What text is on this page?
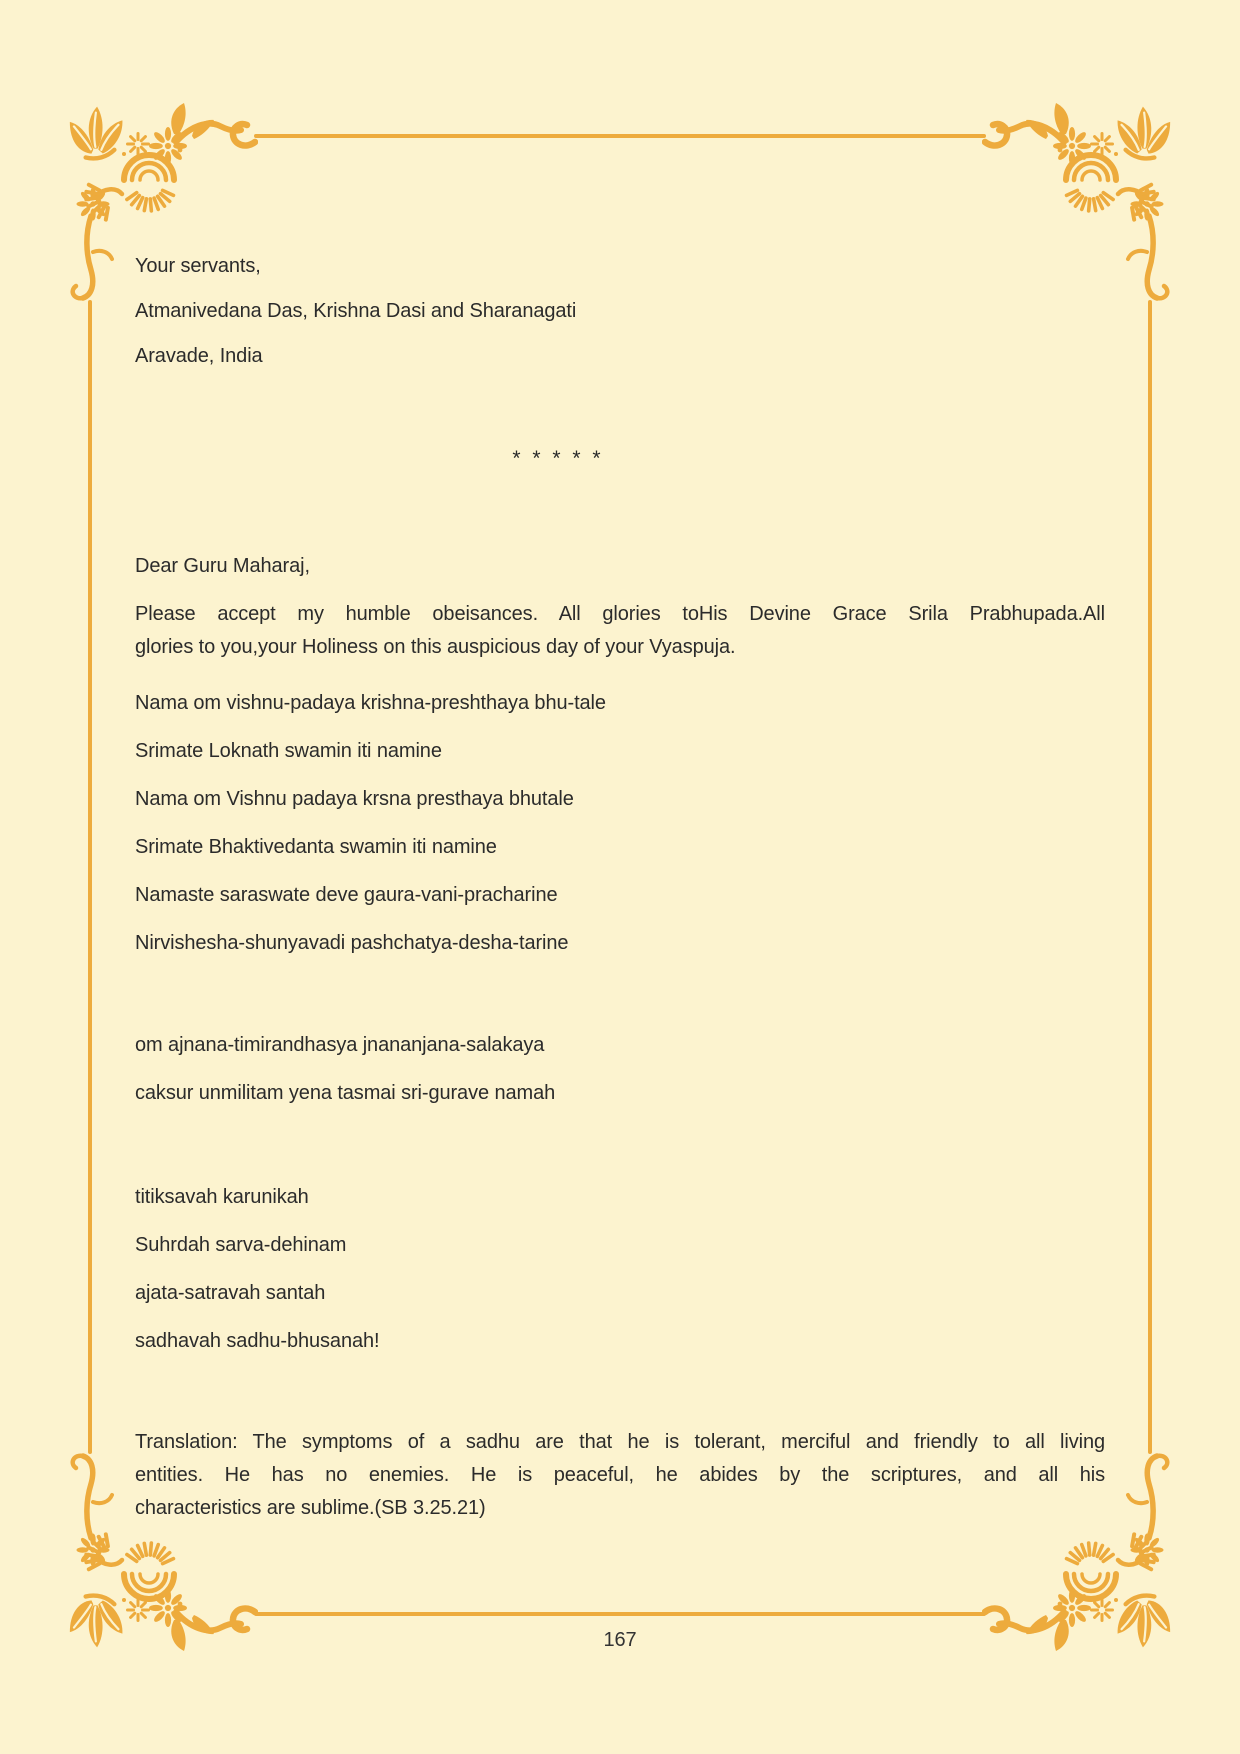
Your servants,
Atmanivedana Das, Krishna Dasi and Sharanagati
Aravade, India
* * * * *
Dear Guru Maharaj,
Please accept my humble obeisances. All glories toHis Devine Grace Srila Prabhupada.All
glories to you,your Holiness on this auspicious day of your Vyaspuja.
Nama om vishnu-padaya krishna-preshthaya bhu-tale
Srimate Loknath swamin iti namine
Nama om Vishnu padaya krsna presthaya bhutale
Srimate Bhaktivedanta swamin iti namine
Namaste saraswate deve gaura-vani-pracharine
Nirvishesha-shunyavadi pashchatya-desha-tarine
om ajnana-timirandhasya jnananjana-salakaya
caksur unmilitam yena tasmai sri-gurave namah
titiksavah karunikah
Suhrdah sarva-dehinam
ajata-satravah santah
sadhavah sadhu-bhusanah!
Translation: The symptoms of a sadhu are that he is tolerant, merciful and friendly to all living
entities. He has no enemies. He is peaceful, he abides by the scriptures, and all his
characteristics are sublime.(SB 3.25.21)
167
